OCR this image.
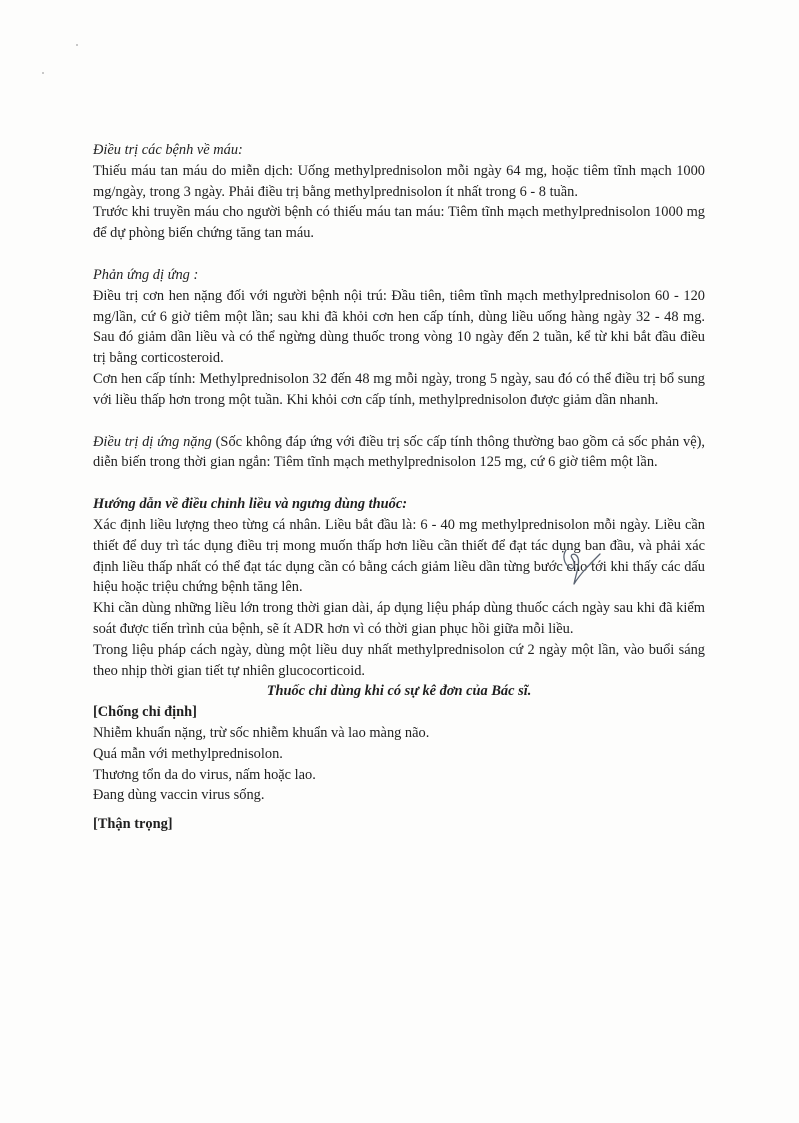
Điều trị các bệnh về máu:

Thiếu máu tan máu do miễn dịch: Uống methylprednisolon mỗi ngày 64 mg, hoặc tiêm tĩnh mạch 1000 mg/ngày, trong 3 ngày. Phải điều trị bằng methylprednisolon ít nhất trong 6 - 8 tuần.

Trước khi truyền máu cho người bệnh có thiếu máu tan máu: Tiêm tĩnh mạch methylprednisolon 1000 mg để dự phòng biến chứng tăng tan máu.

Phản ứng dị ứng :

Điều trị cơn hen nặng đối với người bệnh nội trú: Đầu tiên, tiêm tĩnh mạch methylprednisolon 60 - 120 mg/lần, cứ 6 giờ tiêm một lần; sau khi đã khỏi cơn hen cấp tính, dùng liều uống hàng ngày 32 - 48 mg. Sau đó giảm dần liều và có thể ngừng dùng thuốc trong vòng 10 ngày đến 2 tuần, kể từ khi bắt đầu điều trị bằng corticosteroid.

Cơn hen cấp tính: Methylprednisolon 32 đến 48 mg mỗi ngày, trong 5 ngày, sau đó có thể điều trị bổ sung với liều thấp hơn trong một tuần. Khi khỏi cơn cấp tính, methylprednisolon được giảm dần nhanh.

Điều trị dị ứng nặng (Sốc không đáp ứng với điều trị sốc cấp tính thông thường bao gồm cả sốc phản vệ), diễn biến trong thời gian ngắn: Tiêm tĩnh mạch methylprednisolon 125 mg, cứ 6 giờ tiêm một lần.

Hướng dẫn về điều chỉnh liều và ngưng dùng thuốc:

Xác định liều lượng theo từng cá nhân. Liều bắt đầu là: 6 - 40 mg methylprednisolon mỗi ngày. Liều cần thiết để duy trì tác dụng điều trị mong muốn thấp hơn liều cần thiết để đạt tác dụng ban đầu, và phải xác định liều thấp nhất có thể đạt tác dụng cần có bằng cách giảm liều dần từng bước cho tới khi thấy các dấu hiệu hoặc triệu chứng bệnh tăng lên.

Khi cần dùng những liều lớn trong thời gian dài, áp dụng liệu pháp dùng thuốc cách ngày sau khi đã kiểm soát được tiến trình của bệnh, sẽ ít ADR hơn vì có thời gian phục hồi giữa mỗi liều.

Trong liệu pháp cách ngày, dùng một liều duy nhất methylprednisolon cứ 2 ngày một lần, vào buổi sáng theo nhịp thời gian tiết tự nhiên glucocorticoid.

Thuốc chỉ dùng khi có sự kê đơn của Bác sĩ.
[Chống chỉ định]

Nhiễm khuẩn nặng, trừ sốc nhiễm khuẩn và lao màng não.

Quá mẫn với methylprednisolon.

Thương tổn da do virus, nấm hoặc lao.

Đang dùng vaccin virus sống.

[Thận trọng]
